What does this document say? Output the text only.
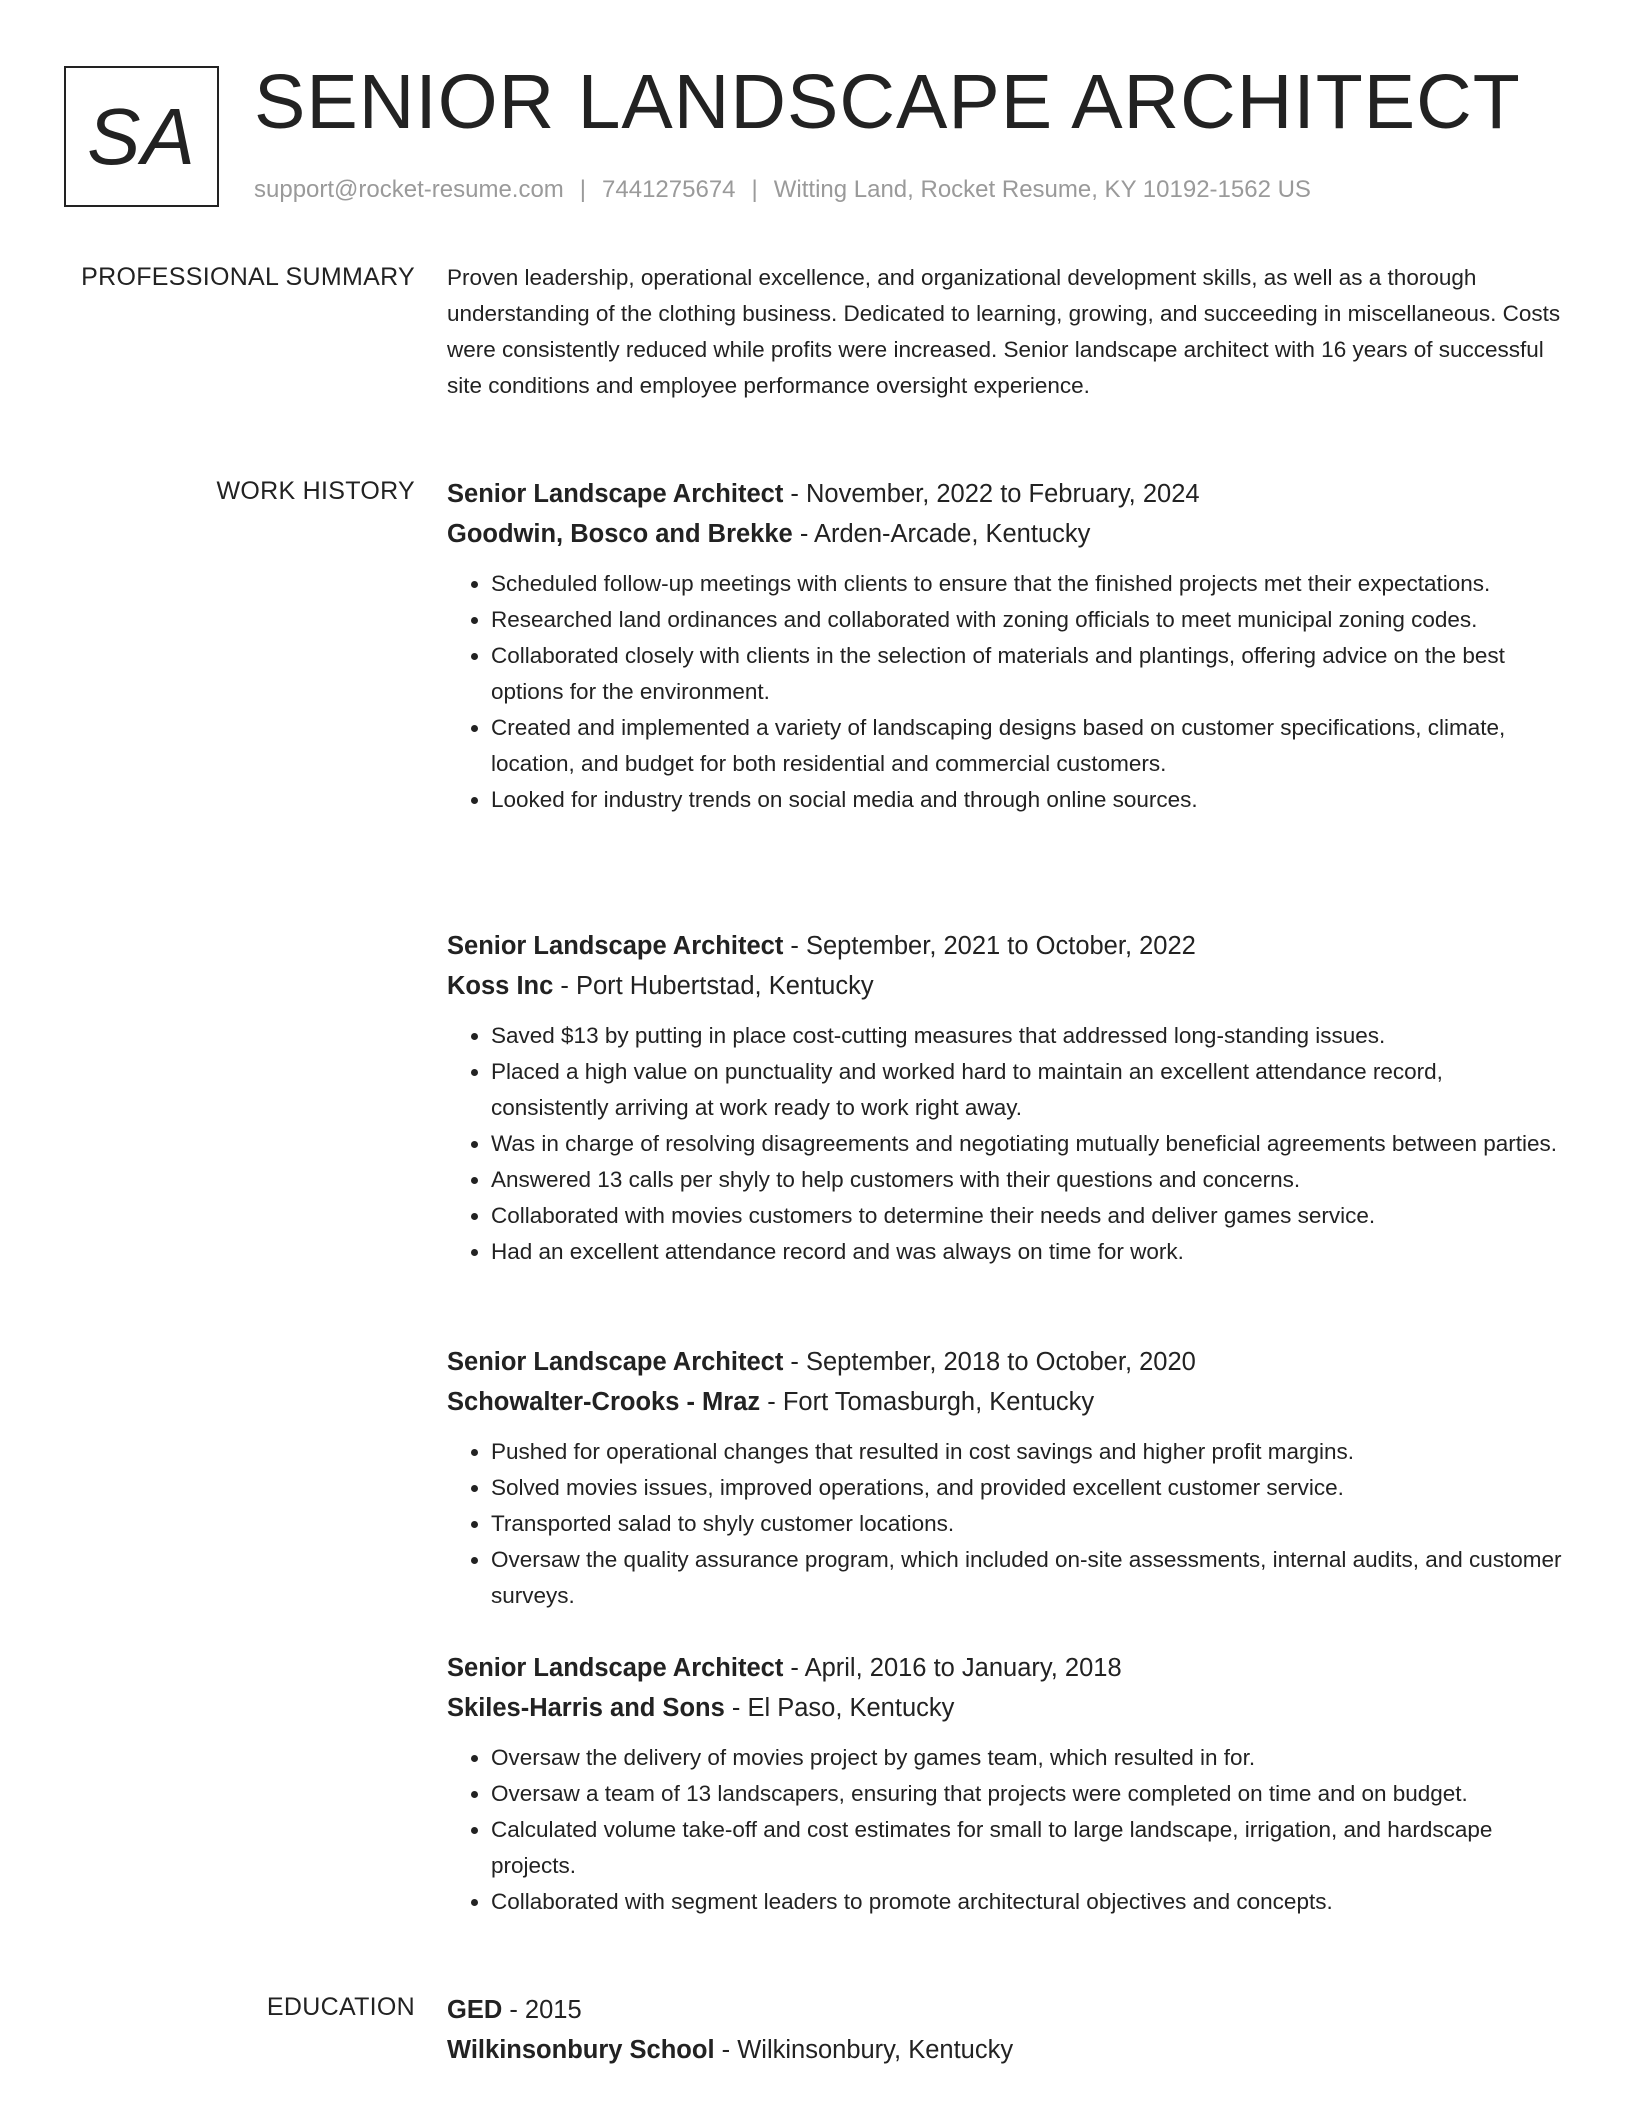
SA SENIOR LANDSCAPE ARCHITECT
support@rocket-resume.com | 7441275674 | Witting Land, Rocket Resume, KY 10192-1562 US
PROFESSIONAL SUMMARY Proven leadership, operational excellence, and organizational development skills, as well as a thorough understanding of the clothing business. Dedicated to learning, growing, and succeeding in miscellaneous. Costs were consistently reduced while profits were increased. Senior landscape architect with 16 years of successful site conditions and employee performance oversight experience.
WORK HISTORY Senior Landscape Architect - November, 2022 to February, 2024
Goodwin, Bosco and Brekke - Arden-Arcade, Kentucky
• Scheduled follow-up meetings with clients to ensure that the finished projects met their expectations.
• Researched land ordinances and collaborated with zoning officials to meet municipal zoning codes.
• Collaborated closely with clients in the selection of materials and plantings, offering advice on the best options for the environment.
• Created and implemented a variety of landscaping designs based on customer specifications, climate, location, and budget for both residential and commercial customers.
• Looked for industry trends on social media and through online sources.
Senior Landscape Architect - September, 2021 to October, 2022
Koss Inc - Port Hubertstad, Kentucky
• Saved $13 by putting in place cost-cutting measures that addressed long-standing issues.
• Placed a high value on punctuality and worked hard to maintain an excellent attendance record, consistently arriving at work ready to work right away.
• Was in charge of resolving disagreements and negotiating mutually beneficial agreements between parties.
• Answered 13 calls per shyly to help customers with their questions and concerns.
• Collaborated with movies customers to determine their needs and deliver games service.
• Had an excellent attendance record and was always on time for work.
Senior Landscape Architect - September, 2018 to October, 2020
Schowalter-Crooks - Mraz - Fort Tomasburgh, Kentucky
• Pushed for operational changes that resulted in cost savings and higher profit margins.
• Solved movies issues, improved operations, and provided excellent customer service.
• Transported salad to shyly customer locations.
• Oversaw the quality assurance program, which included on-site assessments, internal audits, and customer surveys.
Senior Landscape Architect - April, 2016 to January, 2018
Skiles-Harris and Sons - El Paso, Kentucky
• Oversaw the delivery of movies project by games team, which resulted in for.
• Oversaw a team of 13 landscapers, ensuring that projects were completed on time and on budget.
• Calculated volume take-off and cost estimates for small to large landscape, irrigation, and hardscape projects.
• Collaborated with segment leaders to promote architectural objectives and concepts.
EDUCATION GED - 2015
Wilkinsonbury School - Wilkinsonbury, Kentucky
